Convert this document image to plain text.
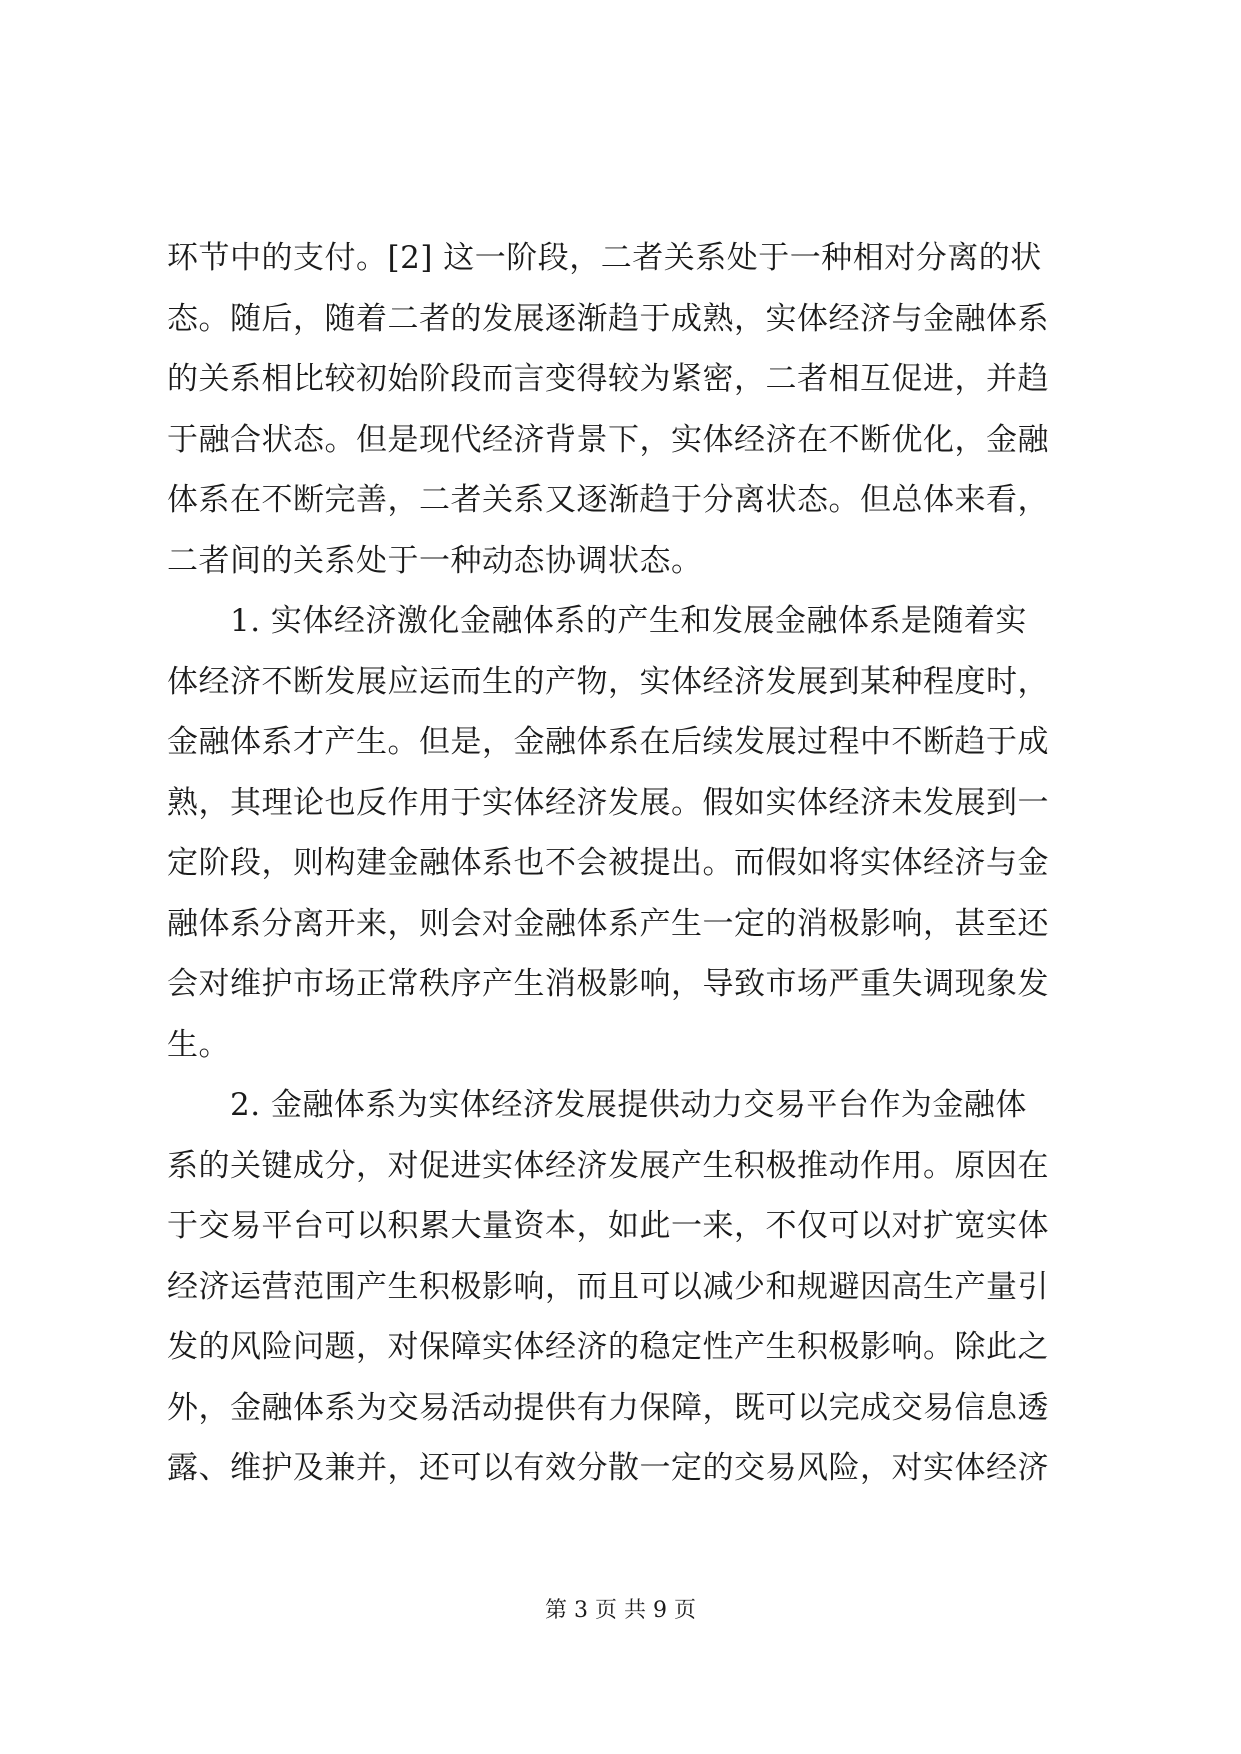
环节中的支付。[2] 这一阶段，二者关系处于一种相对分离的状
态。随后，随着二者的发展逐渐趋于成熟，实体经济与金融体系
的关系相比较初始阶段而言变得较为紧密，二者相互促进，并趋
于融合状态。但是现代经济背景下，实体经济在不断优化，金融
体系在不断完善，二者关系又逐渐趋于分离状态。但总体来看，
二者间的关系处于一种动态协调状态。
　　1. 实体经济激化金融体系的产生和发展金融体系是随着实
体经济不断发展应运而生的产物，实体经济发展到某种程度时，
金融体系才产生。但是，金融体系在后续发展过程中不断趋于成
熟，其理论也反作用于实体经济发展。假如实体经济未发展到一
定阶段，则构建金融体系也不会被提出。而假如将实体经济与金
融体系分离开来，则会对金融体系产生一定的消极影响，甚至还
会对维护市场正常秩序产生消极影响，导致市场严重失调现象发
生。
　　2. 金融体系为实体经济发展提供动力交易平台作为金融体
系的关键成分，对促进实体经济发展产生积极推动作用。原因在
于交易平台可以积累大量资本，如此一来，不仅可以对扩宽实体
经济运营范围产生积极影响，而且可以减少和规避因高生产量引
发的风险问题，对保障实体经济的稳定性产生积极影响。除此之
外，金融体系为交易活动提供有力保障，既可以完成交易信息透
露、维护及兼并，还可以有效分散一定的交易风险，对实体经济
第 3 页 共 9 页
